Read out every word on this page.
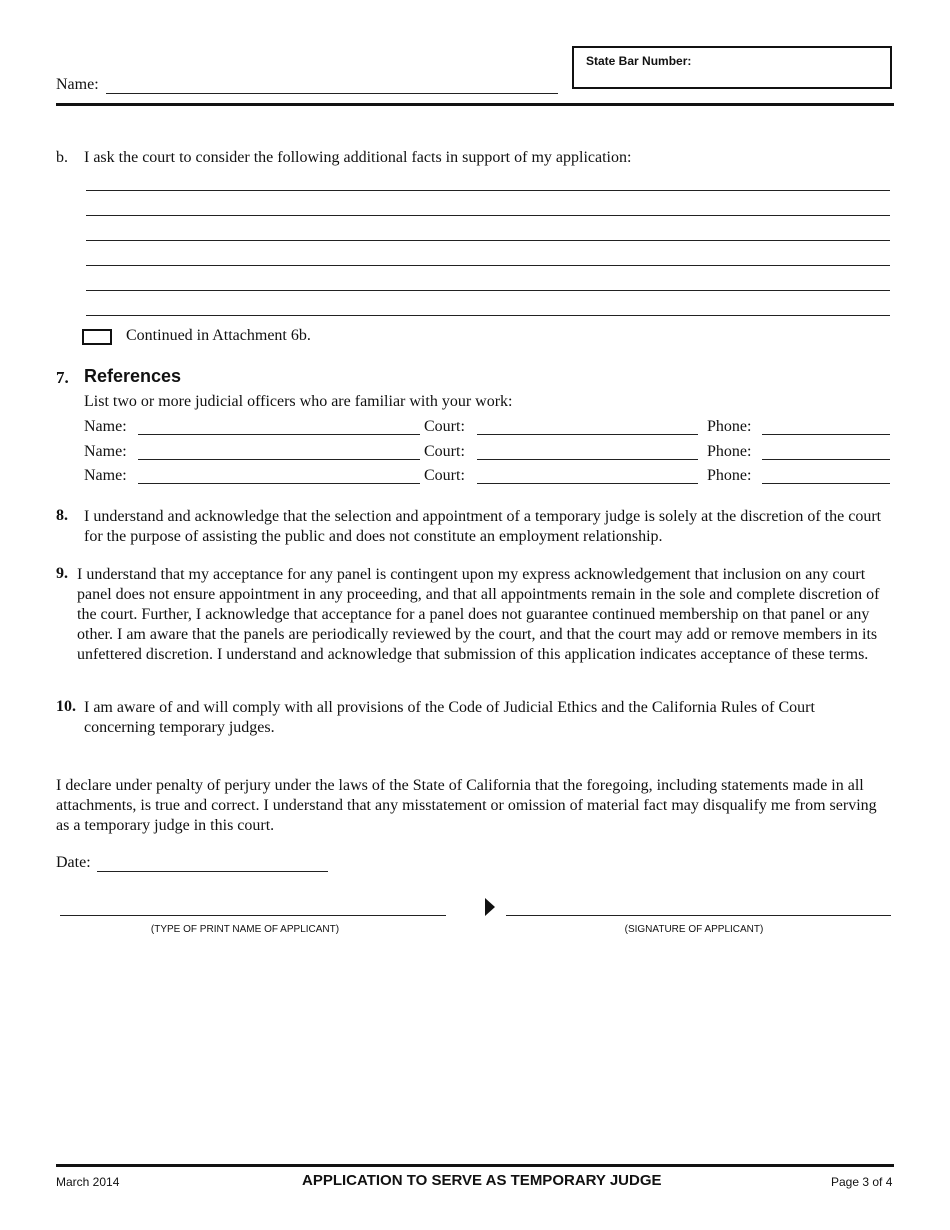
Name:
State Bar Number:
b. I ask the court to consider the following additional facts in support of my application:
Continued in Attachment 6b.
7. References
List two or more judicial officers who are familiar with your work:
Name:	Court:	Phone:
Name:	Court:	Phone:
Name:	Court:	Phone:
8. I understand and acknowledge that the selection and appointment of a temporary judge is solely at the discretion of the court for the purpose of assisting the public and does not constitute an employment relationship.
9. I understand that my acceptance for any panel is contingent upon my express acknowledgement that inclusion on any court panel does not ensure appointment in any proceeding, and that all appointments remain in the sole and complete discretion of the court. Further, I acknowledge that acceptance for a panel does not guarantee continued membership on that panel or any other. I am aware that the panels are periodically reviewed by the court, and that the court may add or remove members in its unfettered discretion. I understand and acknowledge that submission of this application indicates acceptance of these terms.
10. I am aware of and will comply with all provisions of the Code of Judicial Ethics and the California Rules of Court concerning temporary judges.
I declare under penalty of perjury under the laws of the State of California that the foregoing, including statements made in all attachments, is true and correct. I understand that any misstatement or omission of material fact may disqualify me from serving as a temporary judge in this court.
Date:
(TYPE OF PRINT NAME OF APPLICANT)	(SIGNATURE OF APPLICANT)
March 2014	APPLICATION TO SERVE AS TEMPORARY JUDGE	Page 3 of 4
